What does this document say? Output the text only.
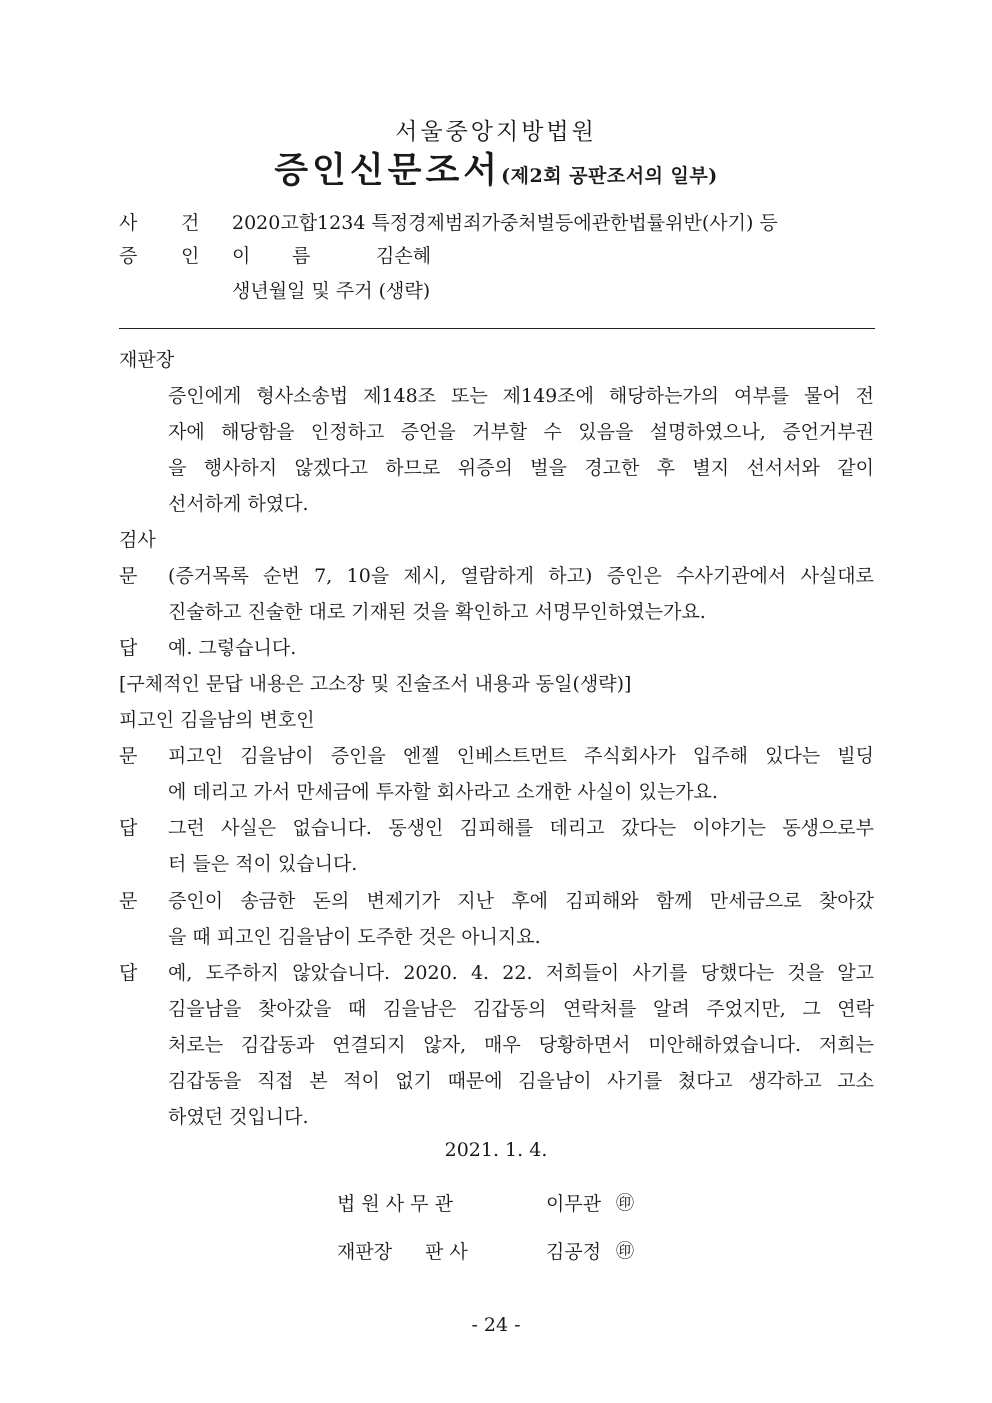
서울중앙지방법원
증인신문조서(제2회 공판조서의 일부)
사 건 2020고합1234 특정경제범죄가중처벌등에관한법률위반(사기) 등
증 인 이 름	김손혜
생년월일 및 주거 (생략)
재판장
증인에게 형사소송법 제148조 또는 제149조에 해당하는가의 여부를 물어 전
자에 해당함을 인정하고 증언을 거부할 수 있음을 설명하였으나, 증언거부권
을 행사하지 않겠다고 하므로 위증의 벌을 경고한 후 별지 선서서와 같이
선서하게 하였다.
검사
문 (증거목록 순번 7, 10을 제시, 열람하게 하고) 증인은 수사기관에서 사실대로
진술하고 진술한 대로 기재된 것을 확인하고 서명무인하였는가요.
답 예. 그렇습니다.
[구체적인 문답 내용은 고소장 및 진술조서 내용과 동일(생략)]
피고인 김을남의 변호인
문 피고인 김을남이 증인을 엔젤 인베스트먼트 주식회사가 입주해 있다는 빌딩
에 데리고 가서 만세금에 투자할 회사라고 소개한 사실이 있는가요.
답 그런 사실은 없습니다. 동생인 김피해를 데리고 갔다는 이야기는 동생으로부
터 들은 적이 있습니다.
문 증인이 송금한 돈의 변제기가 지난 후에 김피해와 함께 만세금으로 찾아갔
을 때 피고인 김을남이 도주한 것은 아니지요.
답 예, 도주하지 않았습니다. 2020. 4. 22. 저희들이 사기를 당했다는 것을 알고
김을남을 찾아갔을 때 김을남은 김갑동의 연락처를 알려 주었지만, 그 연락
처로는 김갑동과 연결되지 않자, 매우 당황하면서 미안해하였습니다. 저희는
김갑동을 직접 본 적이 없기 때문에 김을남이 사기를 쳤다고 생각하고 고소
하였던 것입니다.
2021. 1. 4.
법 원 사 무 관	이무관 ㊞
재판장 판 사	김공정 ㊞
- 24 -
